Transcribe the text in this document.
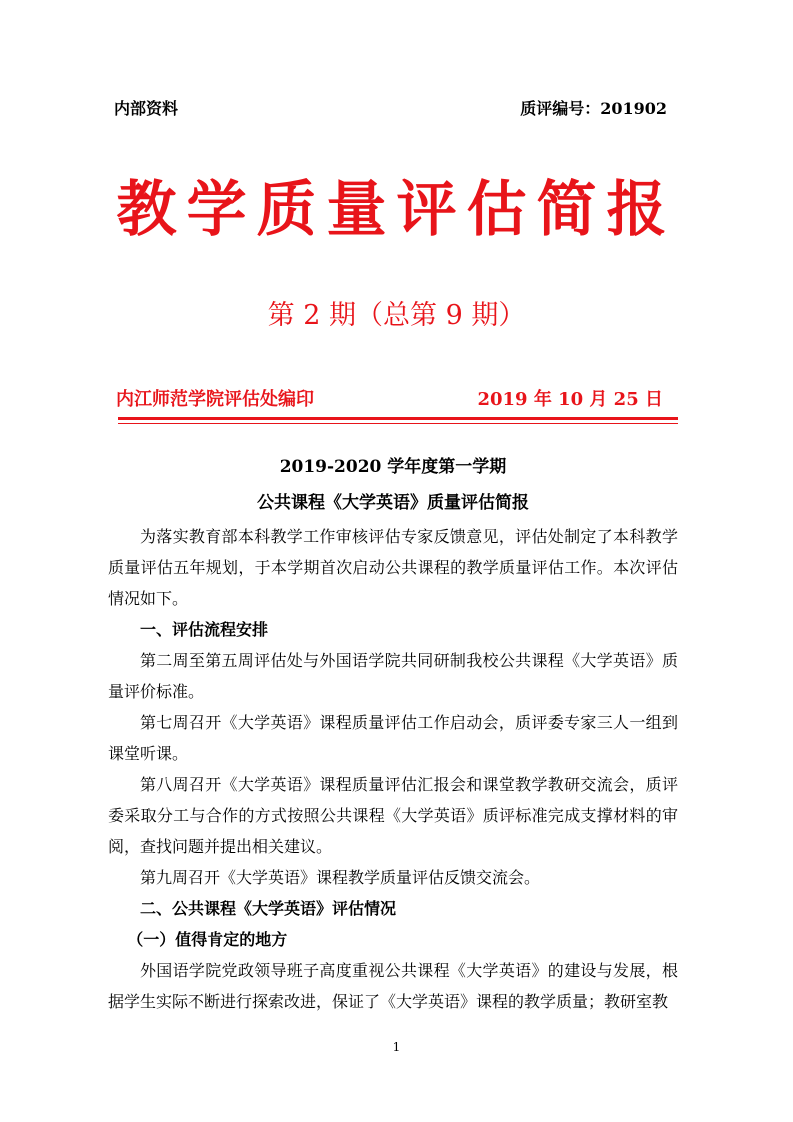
内部资料	质评编号：201902
教学质量评估简报
第 2 期（总第 9 期）
内江师范学院评估处编印	2019 年 10 月 25 日

2019-2020 学年度第一学期

公共课程《大学英语》质量评估简报

为落实教育部本科教学工作审核评估专家反馈意见，评估处制定了本科教学质量评估五年规划，于本学期首次启动公共课程的教学质量评估工作。本次评估情况如下。

一、评估流程安排

第二周至第五周评估处与外国语学院共同研制我校公共课程《大学英语》质量评价标准。

第七周召开《大学英语》课程质量评估工作启动会，质评委专家三人一组到课堂听课。

第八周召开《大学英语》课程质量评估汇报会和课堂教学教研交流会，质评委采取分工与合作的方式按照公共课程《大学英语》质评标准完成支撑材料的审阅，查找问题并提出相关建议。

第九周召开《大学英语》课程教学质量评估反馈交流会。

二、公共课程《大学英语》评估情况

（一）值得肯定的地方

外国语学院党政领导班子高度重视公共课程《大学英语》的建设与发展，根据学生实际不断进行探索改进，保证了《大学英语》课程的教学质量；教研室教

1
